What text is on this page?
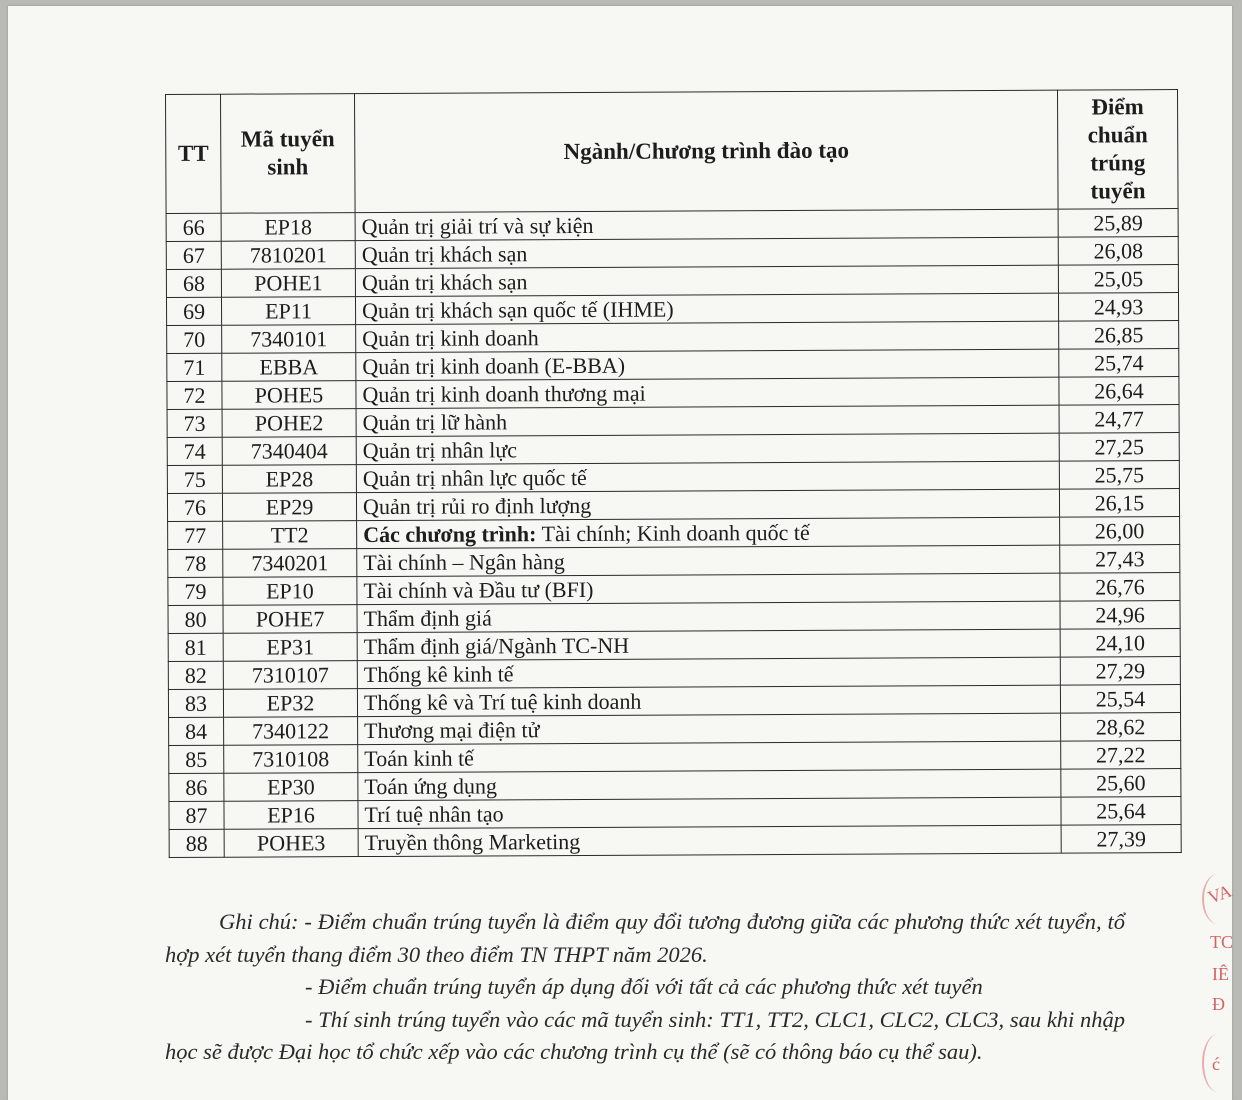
TT	Mã tuyển sinh	Ngành/Chương trình đào tạo	Điểm chuẩn trúng tuyển
66	EP18	Quản trị giải trí và sự kiện	25,89
67	7810201	Quản trị khách sạn	26,08
68	POHE1	Quản trị khách sạn	25,05
69	EP11	Quản trị khách sạn quốc tế (IHME)	24,93
70	7340101	Quản trị kinh doanh	26,85
71	EBBA	Quản trị kinh doanh (E-BBA)	25,74
72	POHE5	Quản trị kinh doanh thương mại	26,64
73	POHE2	Quản trị lữ hành	24,77
74	7340404	Quản trị nhân lực	27,25
75	EP28	Quản trị nhân lực quốc tế	25,75
76	EP29	Quản trị rủi ro định lượng	26,15
77	TT2	Các chương trình: Tài chính; Kinh doanh quốc tế	26,00
78	7340201	Tài chính – Ngân hàng	27,43
79	EP10	Tài chính và Đầu tư (BFI)	26,76
80	POHE7	Thẩm định giá	24,96
81	EP31	Thẩm định giá/Ngành TC-NH	24,10
82	7310107	Thống kê kinh tế	27,29
83	EP32	Thống kê và Trí tuệ kinh doanh	25,54
84	7340122	Thương mại điện tử	28,62
85	7310108	Toán kinh tế	27,22
86	EP30	Toán ứng dụng	25,60
87	EP16	Trí tuệ nhân tạo	25,64
88	POHE3	Truyền thông Marketing	27,39

Ghi chú: - Điểm chuẩn trúng tuyển là điểm quy đổi tương đương giữa các phương thức xét tuyển, tổ hợp xét tuyển thang điểm 30 theo điểm TN THPT năm 2026.

- Điểm chuẩn trúng tuyển áp dụng đối với tất cả các phương thức xét tuyển

- Thí sinh trúng tuyển vào các mã tuyển sinh: TT1, TT2, CLC1, CLC2, CLC3, sau khi nhập học sẽ được Đại học tổ chức xếp vào các chương trình cụ thể (sẽ có thông báo cụ thể sau).

VA
TC
IÊ
Ð
ć
